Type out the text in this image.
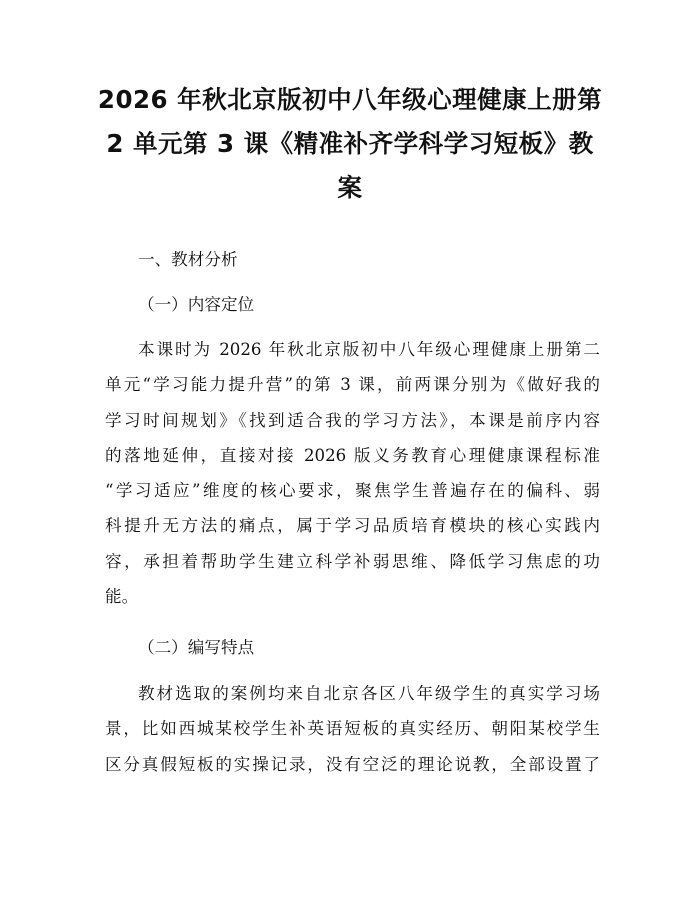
2026 年秋北京版初中八年级心理健康上册第
2 单元第 3 课《精准补齐学科学习短板》教
案

一、教材分析

（一）内容定位

本课时为 2026 年秋北京版初中八年级心理健康上册第二
单元“学习能力提升营”的第 3 课，前两课分别为《做好我的
学习时间规划》《找到适合我的学习方法》，本课是前序内容
的落地延伸，直接对接 2026 版义务教育心理健康课程标准
“学习适应”维度的核心要求，聚焦学生普遍存在的偏科、弱
科提升无方法的痛点，属于学习品质培育模块的核心实践内
容，承担着帮助学生建立科学补弱思维、降低学习焦虑的功
能。

（二）编写特点

教材选取的案例均来自北京各区八年级学生的真实学习场
景，比如西城某校学生补英语短板的真实经历、朝阳某校学生
区分真假短板的实操记录，没有空泛的理论说教，全部设置了
